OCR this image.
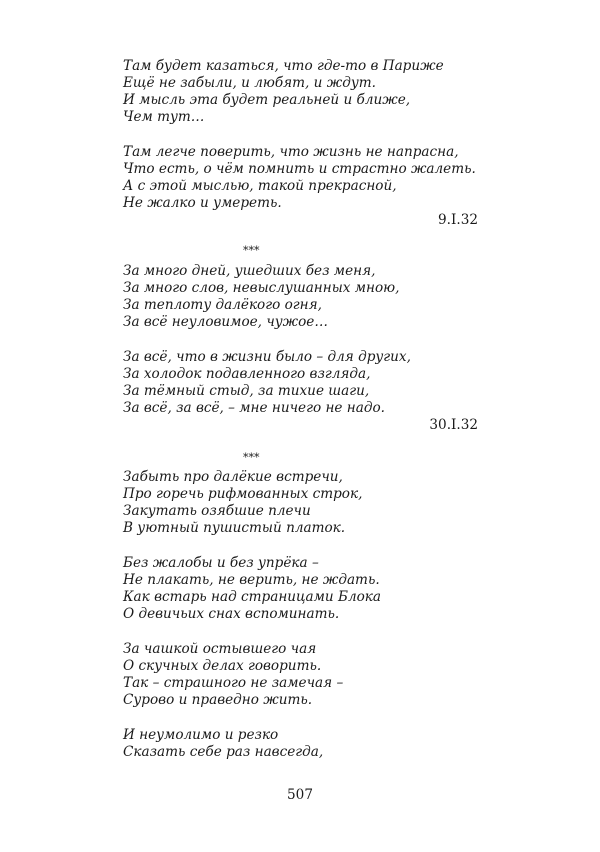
Там будет казаться, что где-то в Париже
Ещё не забыли, и любят, и ждут.
И мысль эта будет реальней и ближе,
Чем тут…
Там легче поверить, что жизнь не напрасна,
Что есть, о чём помнить и страстно жалеть.
А с этой мыслью, такой прекрасной,
Не жалко и умереть.
9.I.32
***
За много дней, ушедших без меня,
За много слов, невыслушанных мною,
За теплоту далёкого огня,
За всё неуловимое, чужое…
За всё, что в жизни было – для других,
За холодок подавленного взгляда,
За тёмный стыд, за тихие шаги,
За всё, за всё, – мне ничего не надо.
30.I.32
***
Забыть про далёкие встречи,
Про горечь рифмованных строк,
Закутать озябшие плечи
В уютный пушистый платок.
Без жалобы и без упрёка –
Не плакать, не верить, не ждать.
Как встарь над страницами Блока
О девичьих снах вспоминать.
За чашкой остывшего чая
О скучных делах говорить.
Так – страшного не замечая –
Сурово и праведно жить.
И неумолимо и резко
Сказать себе раз навсегда,
507
